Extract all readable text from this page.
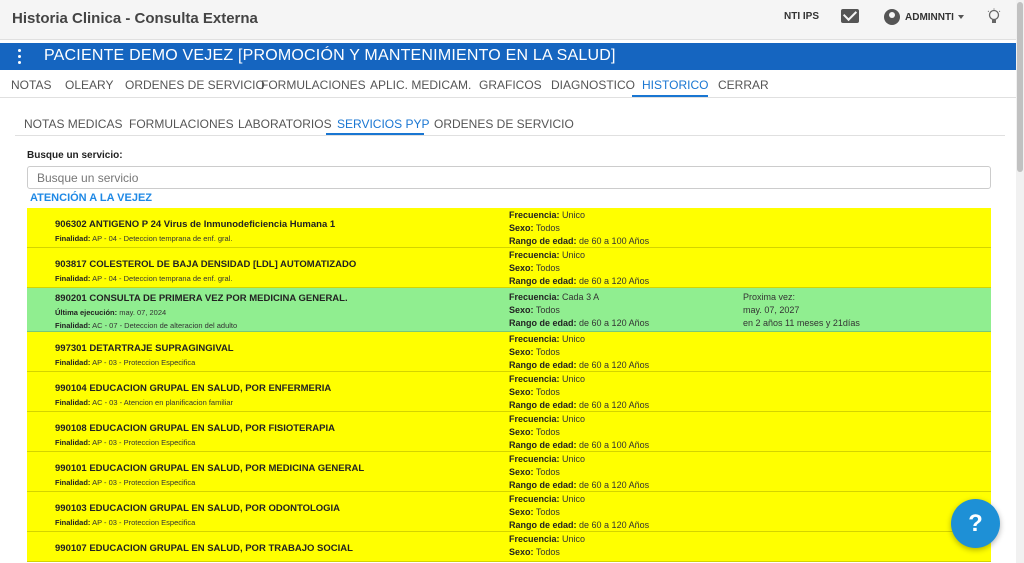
Historia Clinica - Consulta Externa	NTI IPS	ADMINNTI
PACIENTE DEMO VEJEZ [PROMOCIÓN Y MANTENIMIENTO EN LA SALUD]
NOTAS OLEARY ORDENES DE SERVICIO
FORMULACIONES APLIC. MEDICAM. GRAFICOS DIAGNOSTICO HISTORICO CERRAR
NOTAS MEDICAS FORMULACIONES LABORATORIOS SERVICIOS PYP ORDENES DE SERVICIO
Busque un servicio:
Busque un servicio
ATENCIÓN A LA VEJEZ
906302 ANTIGENO P 24 Virus de Inmunodeficiencia Humana 1
Finalidad: AP - 04 - Deteccion temprana de enf. gral.
Frecuencia: Unico
Sexo: Todos
Rango de edad: de 60 a 100 Años
903817 COLESTEROL DE BAJA DENSIDAD [LDL] AUTOMATIZADO
Finalidad: AP - 04 - Deteccion temprana de enf. gral.
Frecuencia: Unico
Sexo: Todos
Rango de edad: de 60 a 120 Años
890201 CONSULTA DE PRIMERA VEZ POR MEDICINA GENERAL.
Última ejecución: may. 07, 2024
Finalidad: AC - 07 - Deteccion de alteracion del adulto
Frecuencia: Cada 3 A
Sexo: Todos
Rango de edad: de 60 a 120 Años
Proxima vez:
may. 07, 2027
en 2 años 11 meses y 21días
997301 DETARTRAJE SUPRAGINGIVAL
Finalidad: AP - 03 - Proteccion Especifica
Frecuencia: Unico
Sexo: Todos
Rango de edad: de 60 a 120 Años
990104 EDUCACION GRUPAL EN SALUD, POR ENFERMERIA
Finalidad: AC - 03 - Atencion en planificacion familiar
Frecuencia: Unico
Sexo: Todos
Rango de edad: de 60 a 120 Años
990108 EDUCACION GRUPAL EN SALUD, POR FISIOTERAPIA
Finalidad: AP - 03 - Proteccion Especifica
Frecuencia: Unico
Sexo: Todos
Rango de edad: de 60 a 100 Años
990101 EDUCACION GRUPAL EN SALUD, POR MEDICINA GENERAL
Finalidad: AP - 03 - Proteccion Especifica
Frecuencia: Unico
Sexo: Todos
Rango de edad: de 60 a 120 Años
990103 EDUCACION GRUPAL EN SALUD, POR ODONTOLOGIA
Finalidad: AP - 03 - Proteccion Especifica
Frecuencia: Unico
Sexo: Todos
Rango de edad: de 60 a 120 Años
990107 EDUCACION GRUPAL EN SALUD, POR TRABAJO SOCIAL
Frecuencia: Unico
Sexo: Todos
?
